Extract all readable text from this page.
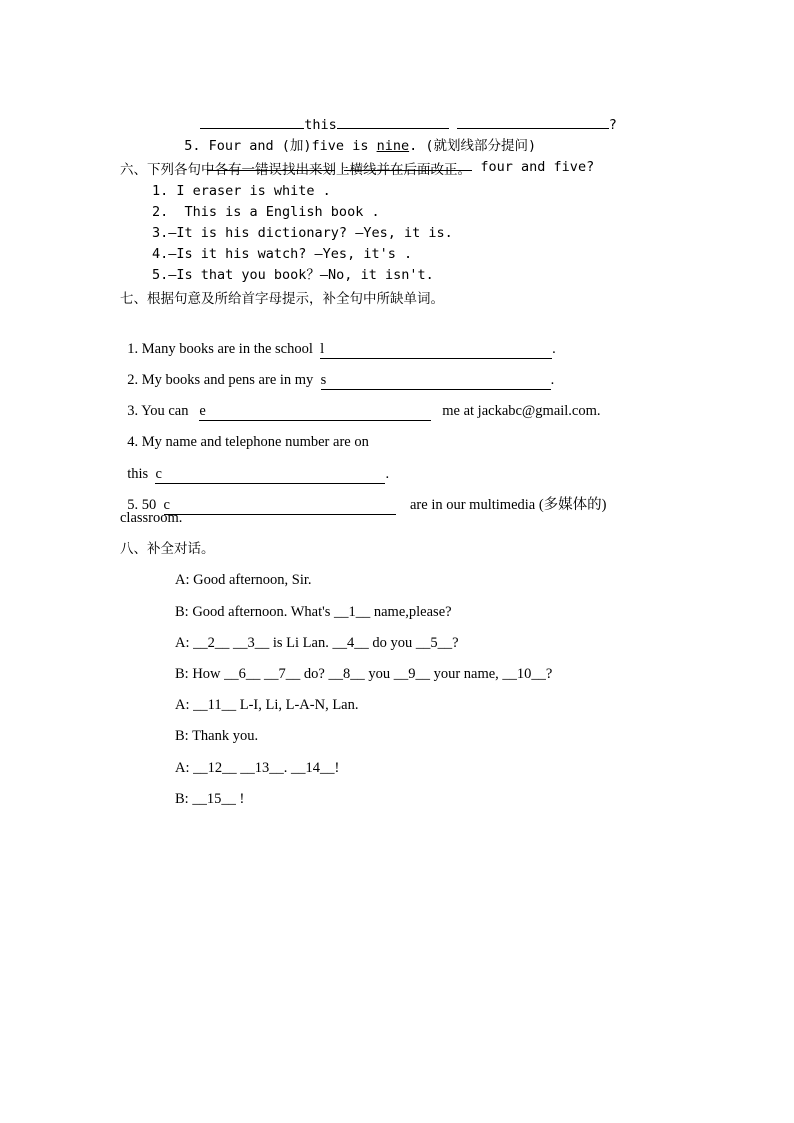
this	?

5. Four and (加)five is nine. (就划线部分提问)

four and five?

六、下列各句中各有一错误找出来划上横线并在后面改正。
1. I eraser is white .
2.  This is a English book .
3.—It is his dictionary? —Yes, it is.
4.—Is it his watch? —Yes, it's .
5.—Is that you book？—No, it isn't.
七、根据句意及所给首字母提示，补全句中所缺单词。

1. Many books are in the school l	.

2. My books and pens are in my s	.

3. You can e	me at jackabc@gmail.com.

4. My name and telephone number are on

this c	.

5. 50 c	are in our multimedia (多媒体的)

classroom.
八、补全对话。
A: Good afternoon, Sir.
B: Good afternoon. What's __1__ name,please?
A: __2__ __3__ is Li Lan. __4__ do you __5__?
B: How __6__ __7__ do? __8__ you __9__ your name, __10__?
A: __11__ L-I, Li, L-A-N, Lan.
B: Thank you.
A: __12__ __13__. __14__!
B: __15__ !
